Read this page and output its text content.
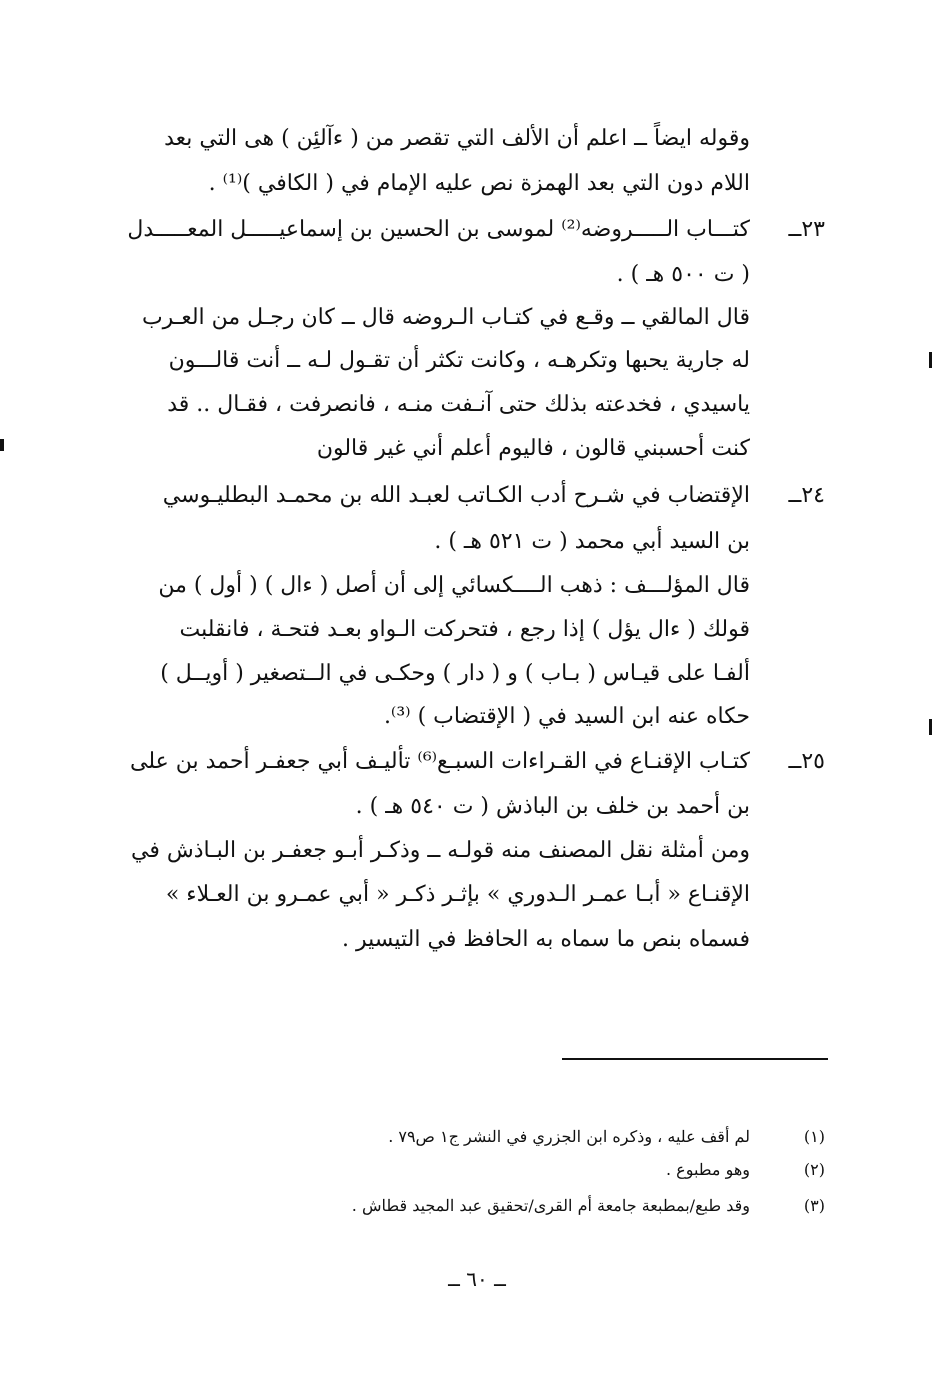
وقوله ايضاً ــ اعلم أن الألف التي تقصر من ( ءآلئِن ) هى التي بعد
اللام دون التي بعد الهمزة نص عليه الإمام في ( الكافي )⁽¹⁾ .
٢٣ــ
كتـــاب الـــــروضه⁽²⁾ لموسى بن الحسين بن إسماعيـــــل المعـــــدل
( ت ٥٠٠ هـ ) .
قال المالقي ــ وقـع في كتـاب الـروضه قال ــ كان رجـل من العـرب
له جارية يحبها وتكرهـه ، وكانت تكثر أن تقـول لـه ــ أنت قالـــون
ياسيدي ، فخدعته بذلك حتى آنـفت منـه ، فانصرفت ، فقـال .. قد
كنت أحسبني قالون ، فاليوم أعلم أني غير قالون
٢٤ــ
الإقتضاب في شـرح أدب الكـاتب لعبـد الله بن محمـد البطليـوسي
بن السيد أبي محمد ( ت ٥٢١ هـ ) .
قال المؤلـــف : ذهب الــــكسائي إلى أن أصل ( ءال ) ( أول ) من
قولك ( ءال يؤل ) إذا رجع ، فتحركت الـواو بعـد فتحـة ، فانقلبت
ألفـا على قيـاس ( بـاب ) و ( دار ) وحكـى في الــتصغير ( أويــل )
حكاه عنه ابن السيد في ( الإقتضاب ) ⁽³⁾.
٢٥ــ
كتـاب الإقنـاع في القـراءات السبـع⁽⁶⁾ تأليـف أبي جعفـر أحمد بن على
بن أحمد بن خلف بن الباذش ( ت ٥٤٠ هـ ) .
ومن أمثلة نقل المصنف منه قولـه ــ وذكـر أبـو جعفـر بن البـاذش في
الإقنـاع « أبـا عمـر الـدوري » بإثـر ذكـر « أبي عمـرو بن العـلاء »
فسماه بنص ما سماه به الحافظ في التيسير .
(١)
لم أقف عليه ، وذكره ابن الجزري في النشر ج١ ص٧٩ .
(٢)
وهو مطبوع .
(٣)
وقد طبع/بمطبعة جامعة أم القرى/تحقيق عبد المجيد قطاش .
ــ ٦٠ ــ
